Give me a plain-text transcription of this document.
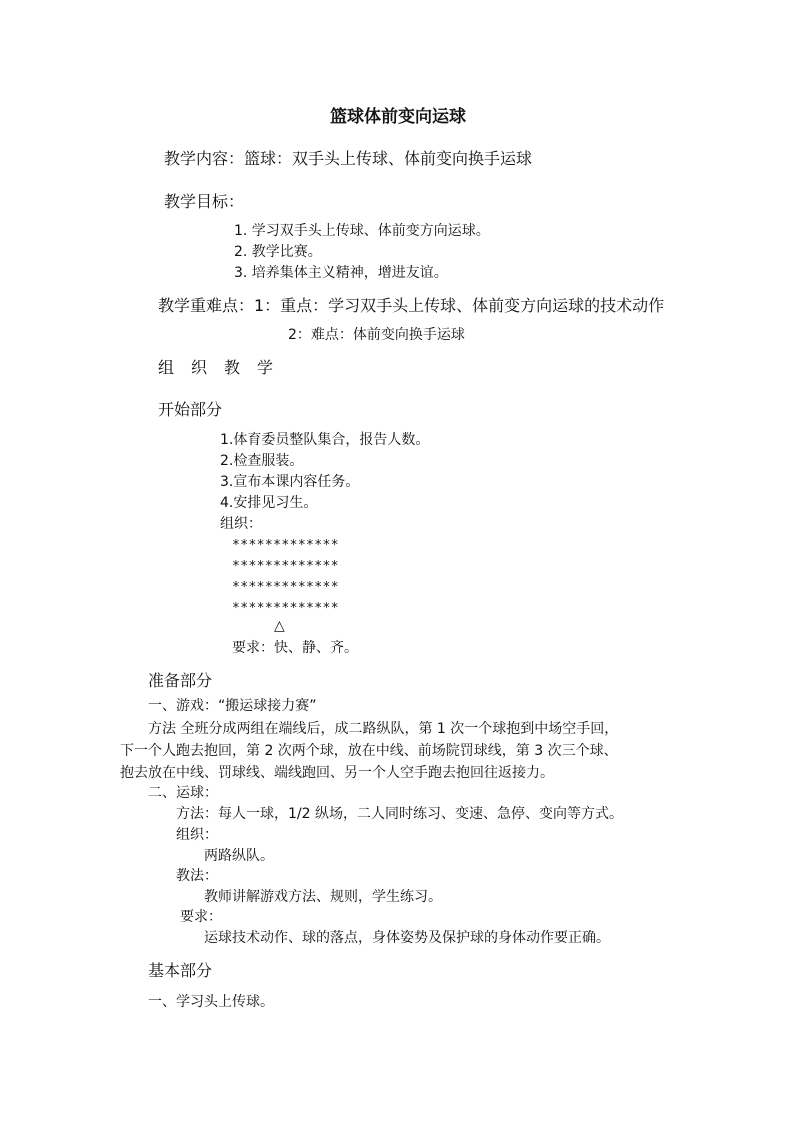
篮球体前变向运球
教学内容：篮球：双手头上传球、体前变向换手运球
教学目标：
1. 学习双手头上传球、体前变方向运球。
2. 教学比赛。
3. 培养集体主义精神，增进友谊。
教学重难点：1：重点：学习双手头上传球、体前变方向运球的技术动作
2：难点：体前变向换手运球
组织教学
开始部分
1.体育委员整队集合，报告人数。
2.检查服装。
3.宣布本课内容任务。
4.安排见习生。
组织：
*************
*************
*************
*************
△
要求：快、静、齐。
准备部分
一、游戏：“搬运球接力赛”
方法 全班分成两组在端线后，成二路纵队，第 1 次一个球抱到中场空手回，
下一个人跑去抱回，第 2 次两个球，放在中线、前场院罚球线，第 3 次三个球、
抱去放在中线、罚球线、端线跑回、另一个人空手跑去抱回往返接力。
二、运球：
方法：每人一球，1/2 纵场，二人同时练习、变速、急停、变向等方式。
组织：
两路纵队。
教法：
教师讲解游戏方法、规则，学生练习。
要求：
运球技术动作、球的落点，身体姿势及保护球的身体动作要正确。
基本部分
一、学习头上传球。
